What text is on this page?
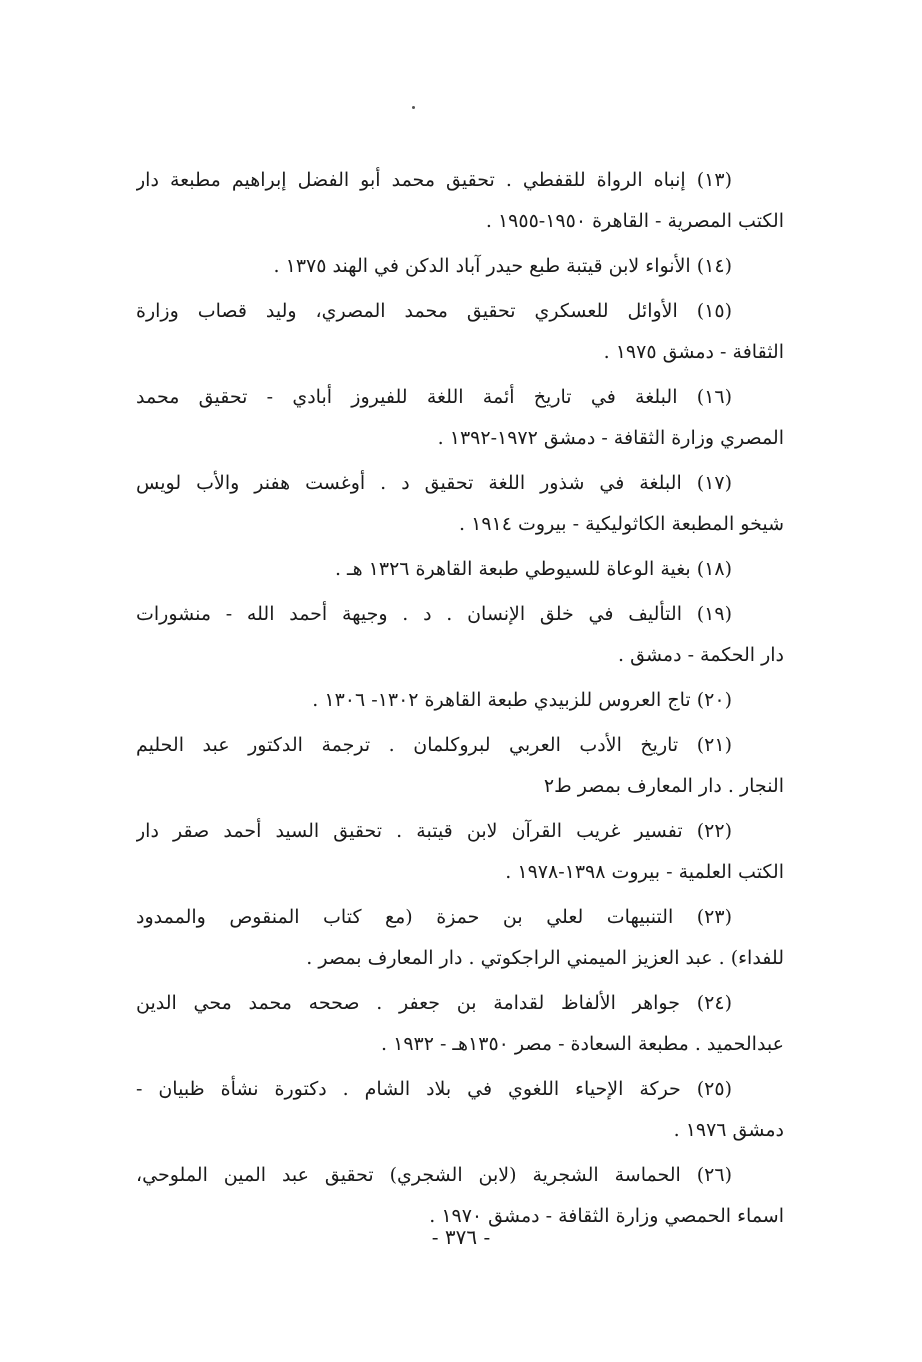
(١٣) إنباه الرواة للقفطي . تحقيق محمد أبو الفضل إبراهيم مطبعة دار
الكتب المصرية - القاهرة ١٩٥٠-١٩٥٥ .
(١٤) الأنواء لابن قيتبة طبع حيدر آباد الدكن في الهند ١٣٧٥ .
(١٥) الأوائل للعسكري تحقيق محمد المصري، وليد قصاب وزارة
الثقافة - دمشق ١٩٧٥ .
(١٦) البلغة في تاريخ أئمة اللغة للفيروز أبادي - تحقيق محمد
المصري وزارة الثقافة - دمشق ١٩٧٢-١٣٩٢ .
(١٧) البلغة في شذور اللغة تحقيق د . أوغست هفنر والأب لويس
شيخو المطبعة الكاثوليكية - بيروت ١٩١٤ .
(١٨) بغية الوعاة للسيوطي طبعة القاهرة ١٣٢٦ هـ .
(١٩) التأليف في خلق الإنسان . د . وجيهة أحمد الله - منشورات
دار الحكمة - دمشق .
(٢٠) تاج العروس للزبيدي طبعة القاهرة ١٣٠٢- ١٣٠٦ .
(٢١) تاريخ الأدب العربي لبروكلمان . ترجمة الدكتور عبد الحليم
النجار . دار المعارف بمصر ط٢
(٢٢) تفسير غريب القرآن لابن قيتبة . تحقيق السيد أحمد صقر دار
الكتب العلمية - بيروت ١٣٩٨-١٩٧٨ .
(٢٣) التنبيهات لعلي بن حمزة (مع كتاب المنقوص والممدود
للفداء) . عبد العزيز الميمني الراجكوتي . دار المعارف بمصر .
(٢٤) جواهر الألفاظ لقدامة بن جعفر . صححه محمد محي الدين
عبدالحميد . مطبعة السعادة - مصر ١٣٥٠هـ - ١٩٣٢ .
(٢٥) حركة الإحياء اللغوي في بلاد الشام . دكتورة نشأة ظبيان -
دمشق ١٩٧٦ .
(٢٦) الحماسة الشجرية (لابن الشجري) تحقيق عبد المين الملوحي،
اسماء الحمصي وزارة الثقافة - دمشق ١٩٧٠ .
- ٣٧٦ -
